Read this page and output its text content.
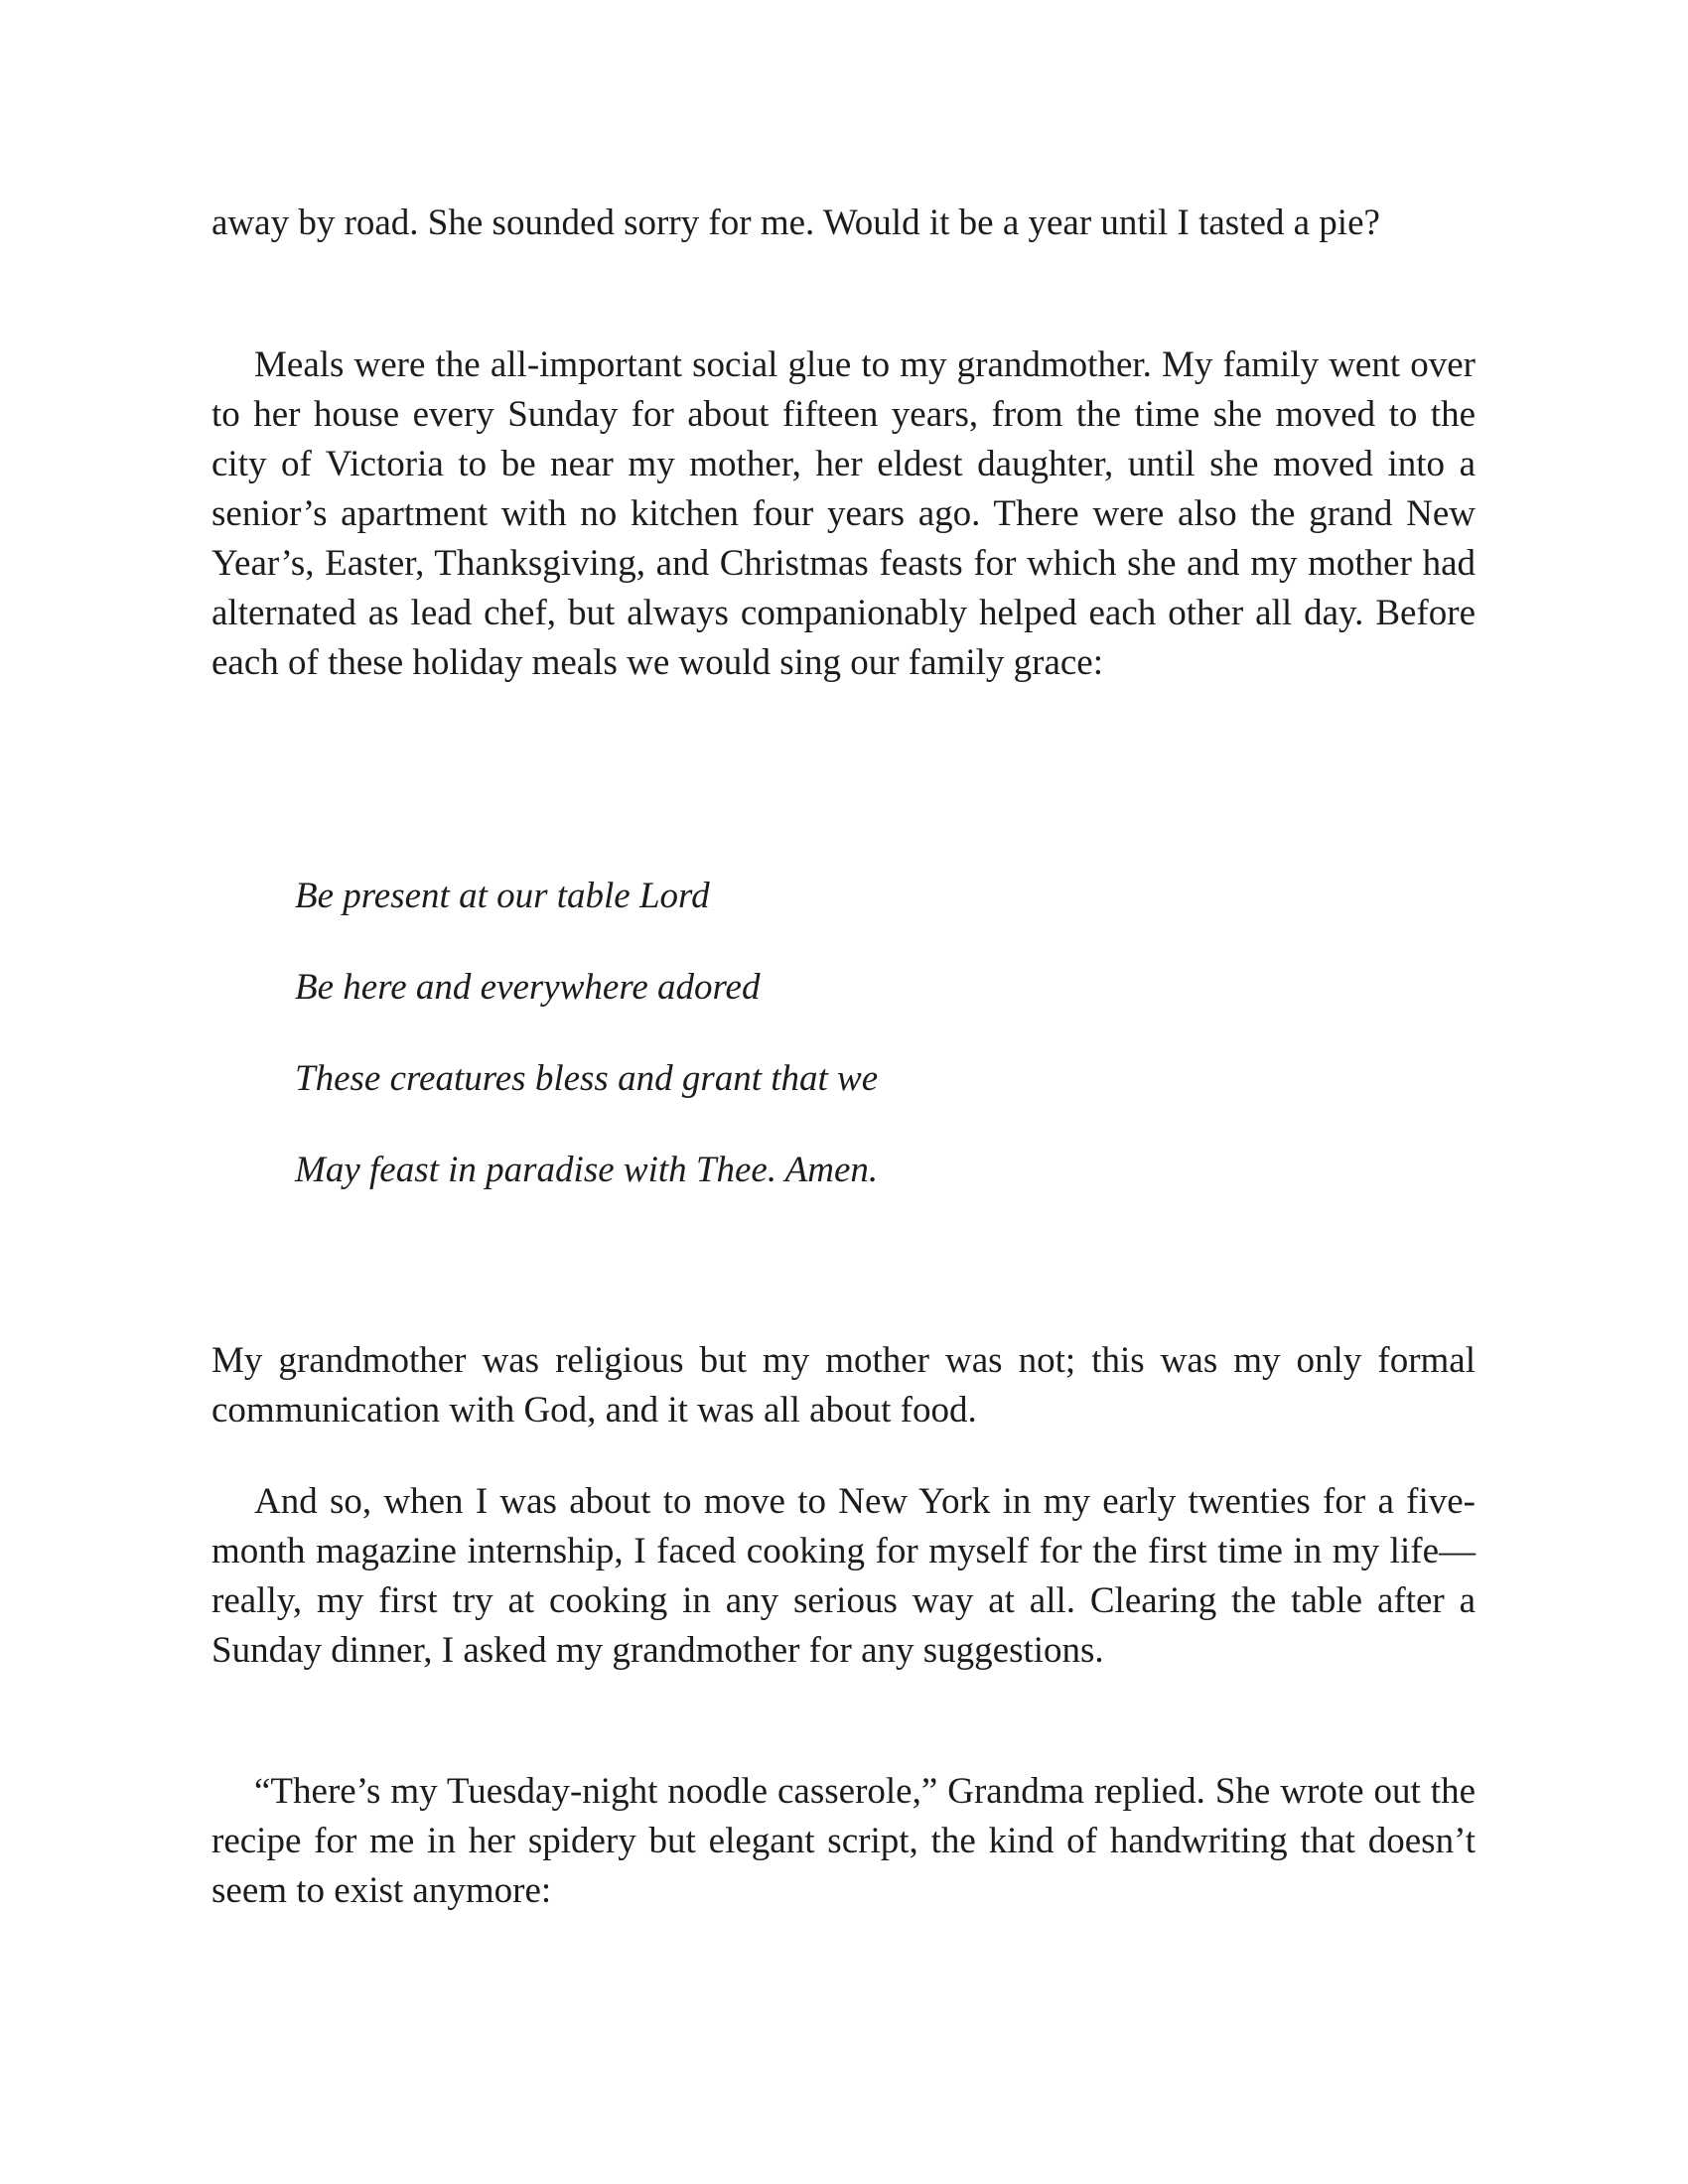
away by road. She sounded sorry for me. Would it be a year until I tasted a pie?

Meals were the all-important social glue to my grandmother. My family went over to her house every Sunday for about fifteen years, from the time she moved to the city of Victoria to be near my mother, her eldest daughter, until she moved into a senior’s apartment with no kitchen four years ago. There were also the grand New Year’s, Easter, Thanksgiving, and Christmas feasts for which she and my mother had alternated as lead chef, but always companionably helped each other all day. Before each of these holiday meals we would sing our family grace:

Be present at our table Lord
Be here and everywhere adored
These creatures bless and grant that we
May feast in paradise with Thee. Amen.

My grandmother was religious but my mother was not; this was my only formal communication with God, and it was all about food.

And so, when I was about to move to New York in my early twenties for a five-month magazine internship, I faced cooking for myself for the first time in my life—really, my first try at cooking in any serious way at all. Clearing the table after a Sunday dinner, I asked my grandmother for any suggestions.

“There’s my Tuesday-night noodle casserole,” Grandma replied. She wrote out the recipe for me in her spidery but elegant script, the kind of handwriting that doesn’t seem to exist anymore:
